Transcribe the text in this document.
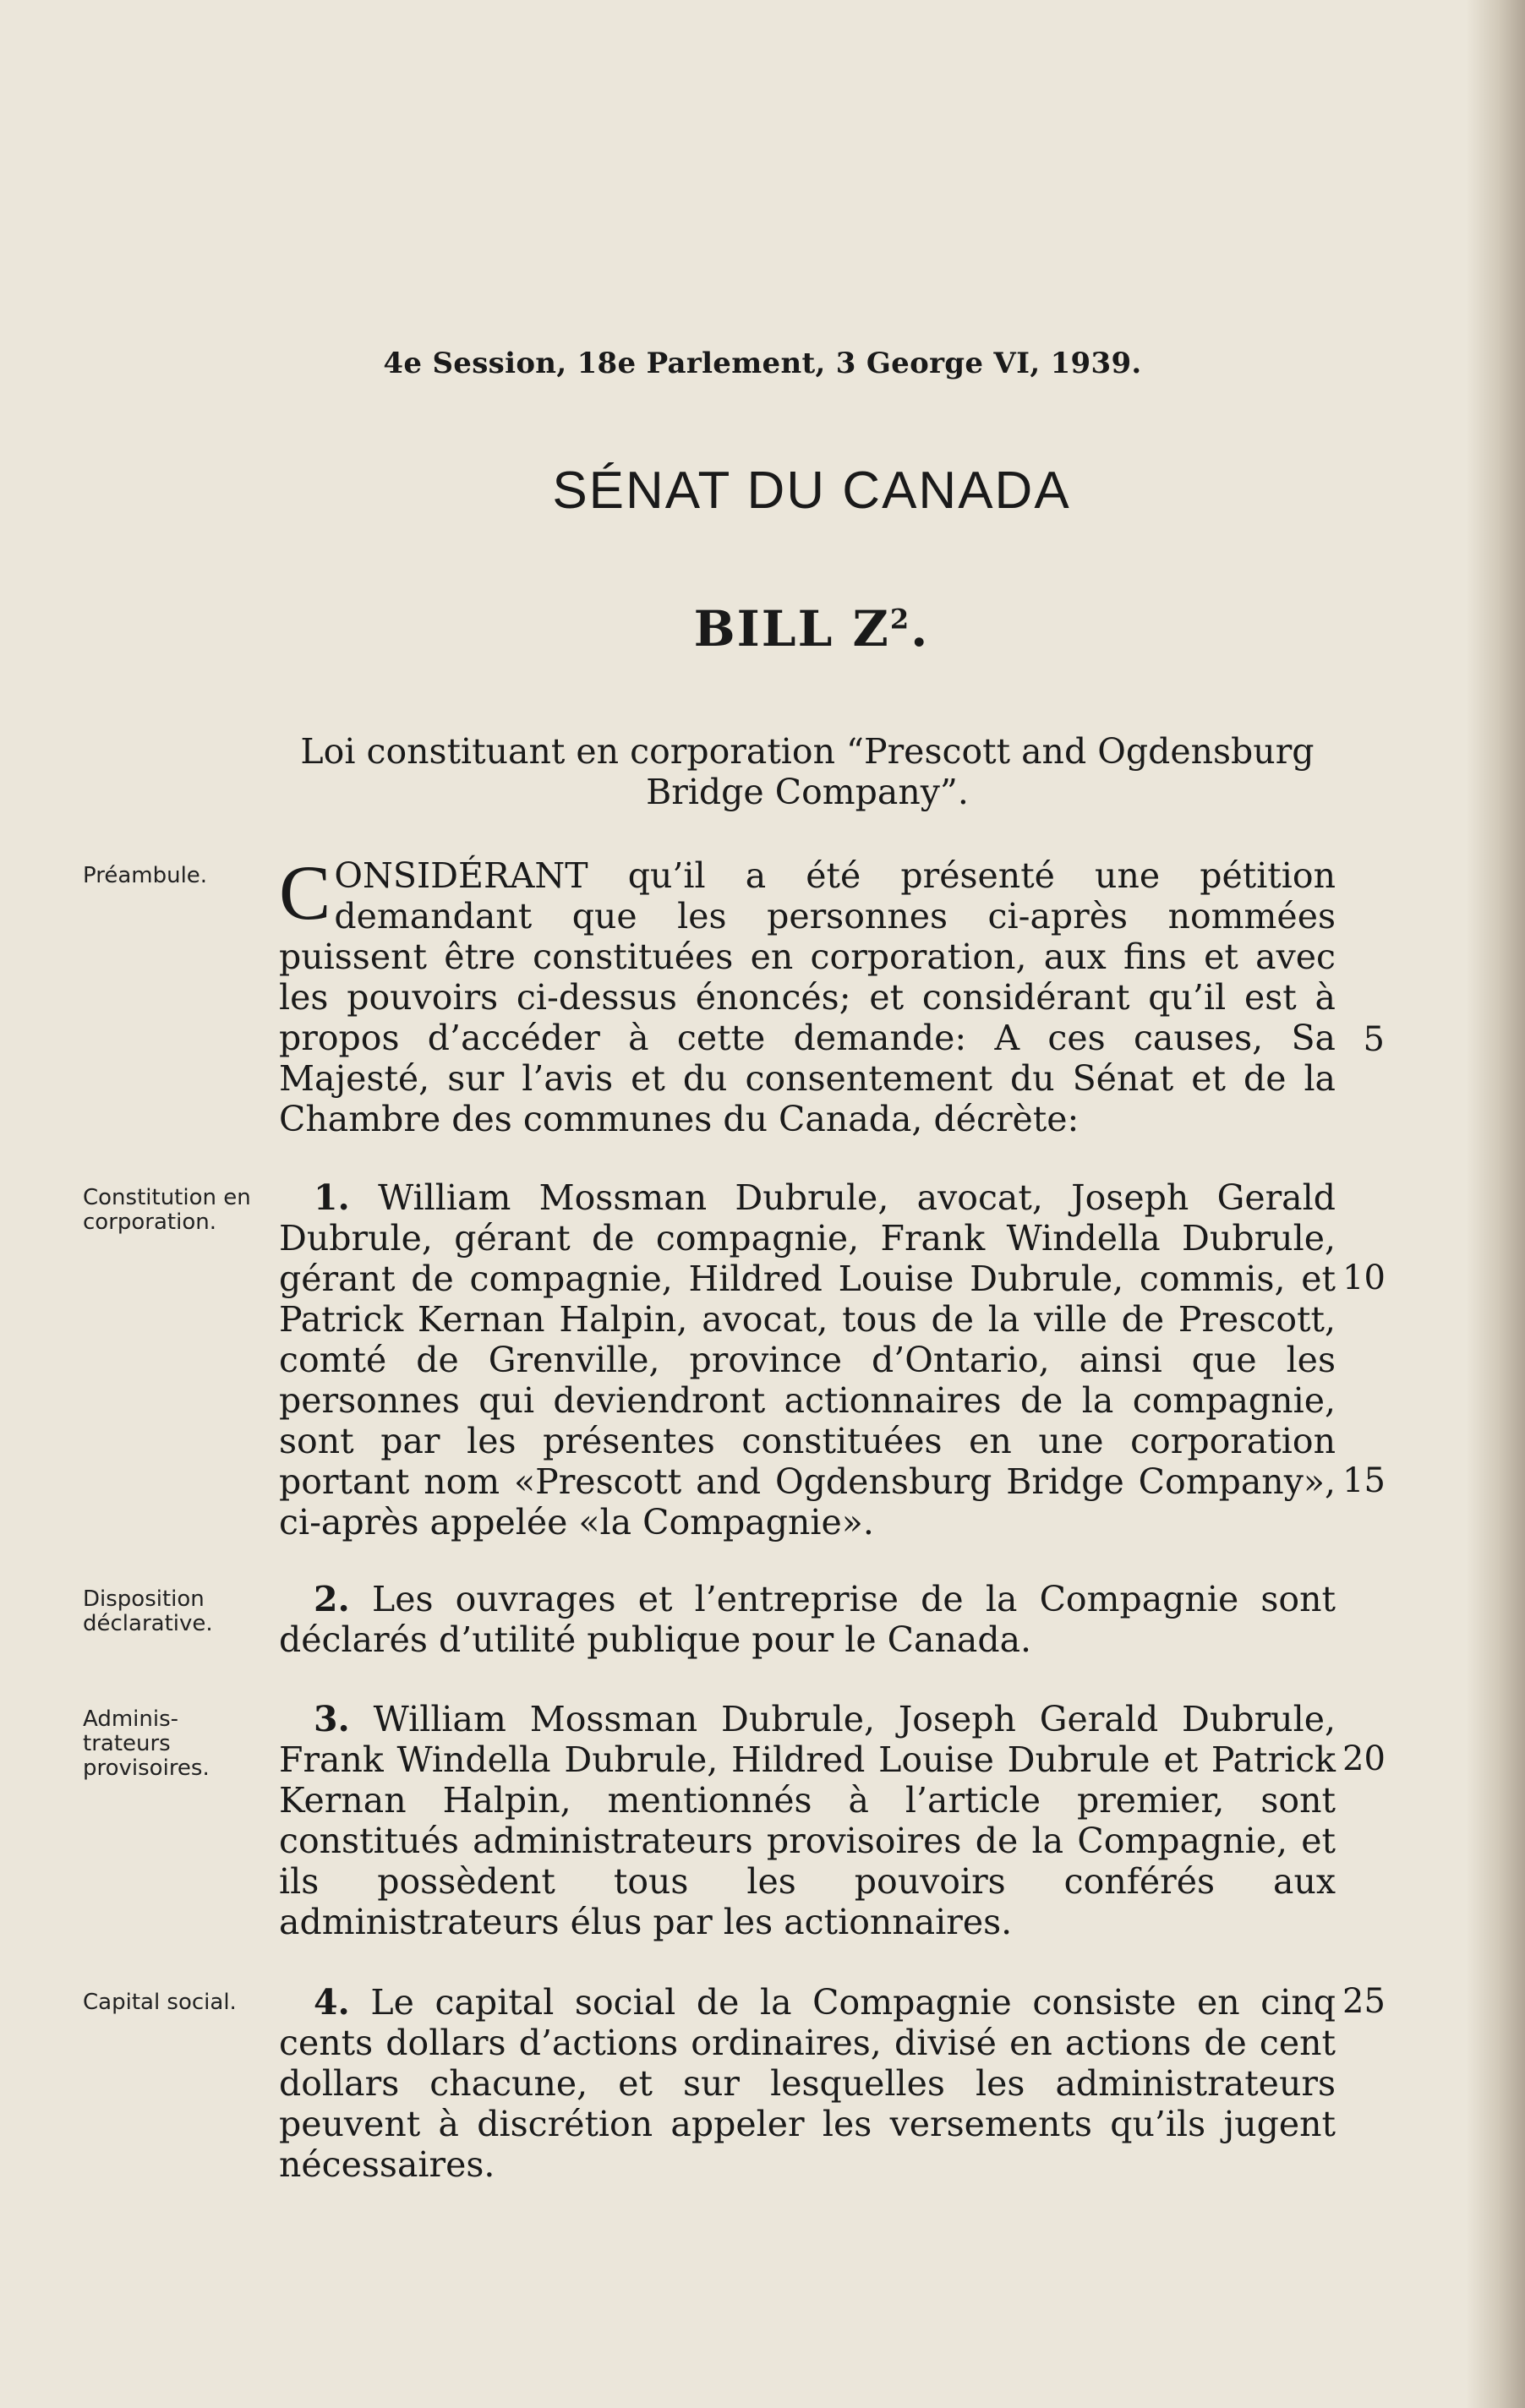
4e Session, 18e Parlement, 3 George VI, 1939.
SÉNAT DU CANADA
BILL $Z^2$.
Loi constituant en corporation “Prescott and Ogdensburg Bridge Company”.
Préambule. CONSIDÉRANT qu’il a été présenté une pétition demandant que les personnes ci-après nommées puissent être constituées en corporation, aux fins et avec les pouvoirs ci-dessus énoncés; et considérant qu’il est à propos d’accéder à cette demande: A ces causes, Sa Majesté, sur l’avis et du consentement du Sénat et de la Chambre des communes du Canada, décrète:

5
Constitution en corporation.

 1. William Mossman Dubrule, avocat, Joseph Gerald Dubrule, gérant de compagnie, Frank Windella Dubrule, gérant de compagnie, Hildred Louise Dubrule, commis, et Patrick Kernan Halpin, avocat, tous de la ville de Prescott, comté de Grenville, province d’Ontario, ainsi que les personnes qui deviendront actionnaires de la compagnie, sont par les présentes constituées en une corporation portant nom «Prescott and Ogdensburg Bridge Company», ci-après appelée «la Compagnie».

10
15
Disposition déclarative.

 2. Les ouvrages et l’entreprise de la Compagnie sont déclarés d’utilité publique pour le Canada.

Administrateurs provisoires.

 3. William Mossman Dubrule, Joseph Gerald Dubrule, Frank Windella Dubrule, Hildred Louise Dubrule et Patrick Kernan Halpin, mentionnés à l’article premier, sont constitués administrateurs provisoires de la Compagnie, et ils possèdent tous les pouvoirs conférés aux administrateurs élus par les actionnaires.

20
Capital social.

 	4. Le capital social de la Compagnie consiste en cinq cents dollars d’actions ordinaires, divisé en actions de cent dollars chacune, et sur lesquelles les administrateurs peuvent à discrétion appeler les versements qu’ils jugent nécessaires.

25
